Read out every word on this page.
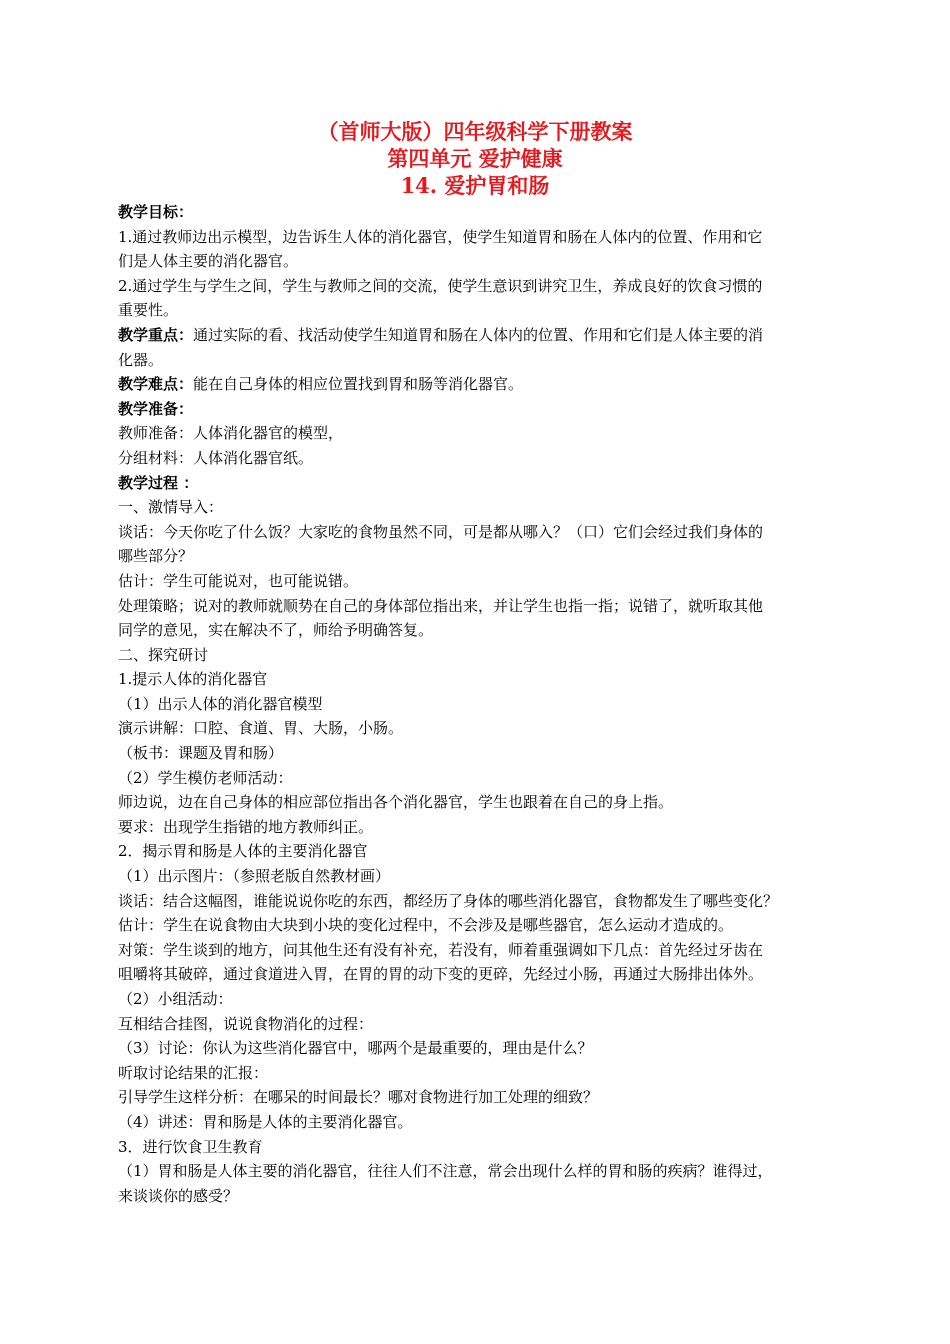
（首师大版）四年级科学下册教案
第四单元 爱护健康
14. 爱护胃和肠
教学目标：
1.通过教师边出示模型，边告诉生人体的消化器官，使学生知道胃和肠在人体内的位置、作用和它
们是人体主要的消化器官。
2.通过学生与学生之间，学生与教师之间的交流，使学生意识到讲究卫生，养成良好的饮食习惯的
重要性。
教学重点：通过实际的看、找活动使学生知道胃和肠在人体内的位置、作用和它们是人体主要的消
化器。
教学难点：能在自己身体的相应位置找到胃和肠等消化器官。
教学准备：
教师准备：人体消化器官的模型，
分组材料：人体消化器官纸。
教学过程 ：
一、激情导入：
谈话：今天你吃了什么饭？大家吃的食物虽然不同，可是都从哪入？（口）它们会经过我们身体的
哪些部分？
估计：学生可能说对，也可能说错。
处理策略；说对的教师就顺势在自己的身体部位指出来，并让学生也指一指；说错了，就听取其他
同学的意见，实在解决不了，师给予明确答复。
二、探究研讨
1.提示人体的消化器官
（1）出示人体的消化器官模型
演示讲解：口腔、食道、胃、大肠，小肠。
（板书：课题及胃和肠）
（2）学生模仿老师活动：
师边说，边在自己身体的相应部位指出各个消化器官，学生也跟着在自己的身上指。
要求：出现学生指错的地方教师纠正。
2．揭示胃和肠是人体的主要消化器官
（1）出示图片：（参照老版自然教材画）
谈话：结合这幅图，谁能说说你吃的东西，都经历了身体的哪些消化器官，食物都发生了哪些变化？
估计：学生在说食物由大块到小块的变化过程中，不会涉及是哪些器官，怎么运动才造成的。
对策：学生谈到的地方，问其他生还有没有补充，若没有，师着重强调如下几点：首先经过牙齿在
咀嚼将其破碎，通过食道进入胃，在胃的胃的动下变的更碎，先经过小肠，再通过大肠排出体外。
（2）小组活动：
互相结合挂图，说说食物消化的过程：
（3）讨论：你认为这些消化器官中，哪两个是最重要的，理由是什么？
听取讨论结果的汇报：
引导学生这样分析：在哪呆的时间最长？哪对食物进行加工处理的细致？
（4）讲述：胃和肠是人体的主要消化器官。
3．进行饮食卫生教育
（1）胃和肠是人体主要的消化器官，往往人们不注意，常会出现什么样的胃和肠的疾病？谁得过，
来谈谈你的感受？
